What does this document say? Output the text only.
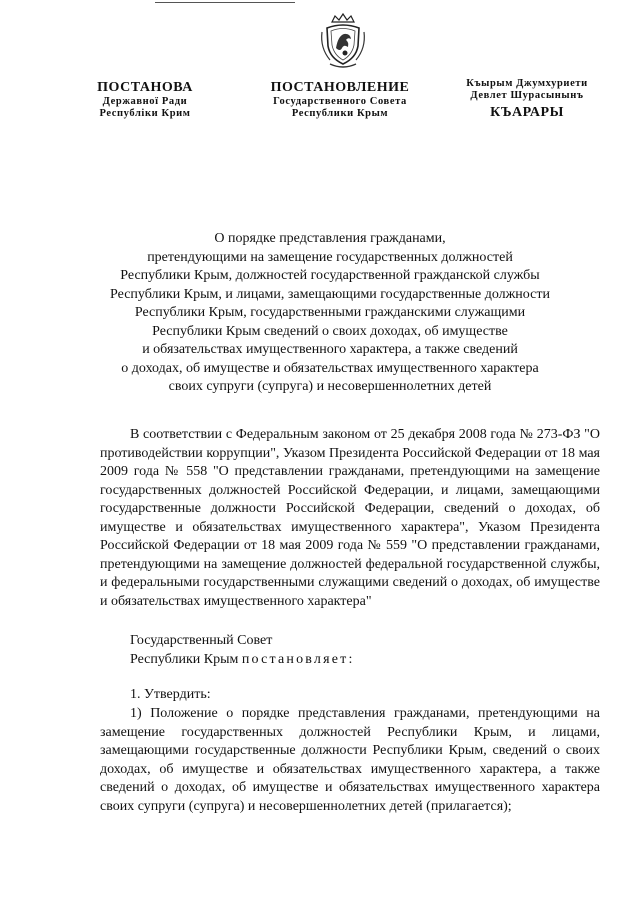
ПОСТАНОВА
Державної Ради
Республіки Крим
ПОСТАНОВЛЕНИЕ
Государственного Совета
Республики Крым
Къырым Джумхуриети
Девлет Шурасынынъ
КЪАРАРЫ
О порядке представления гражданами,
претендующими на замещение государственных должностей
Республики Крым, должностей государственной гражданской службы
Республики Крым, и лицами, замещающими государственные должности
Республики Крым, государственными гражданскими служащими
Республики Крым сведений о своих доходах, об имуществе
и обязательствах имущественного характера, а также сведений
о доходах, об имуществе и обязательствах имущественного характера
своих супруги (супруга) и несовершеннолетних детей
В соответствии с Федеральным законом от 25 декабря 2008 года № 273-ФЗ "О противодействии коррупции", Указом Президента Российской Федерации от 18 мая 2009 года № 558 "О представлении гражданами, претендующими на замещение государственных должностей Российской Федерации, и лицами, замещающими государственные должности Российской Федерации, сведений о доходах, об имуществе и обязательствах имущественного характера", Указом Президента Российской Федерации от 18 мая 2009 года № 559 "О представлении гражданами, претендующими на замещение должностей федеральной государственной службы, и федеральными государственными служащими сведений о доходах, об имуществе и обязательствах имущественного характера"
Государственный Совет
Республики Крым постановляет:
1. Утвердить:
1) Положение о порядке представления гражданами, претендующими на замещение государственных должностей Республики Крым, и лицами, замещающими государственные должности Республики Крым, сведений о своих доходах, об имуществе и обязательствах имущественного характера, а также сведений о доходах, об имуществе и обязательствах имущественного характера своих супруги (супруга) и несовершеннолетних детей (прилагается);
